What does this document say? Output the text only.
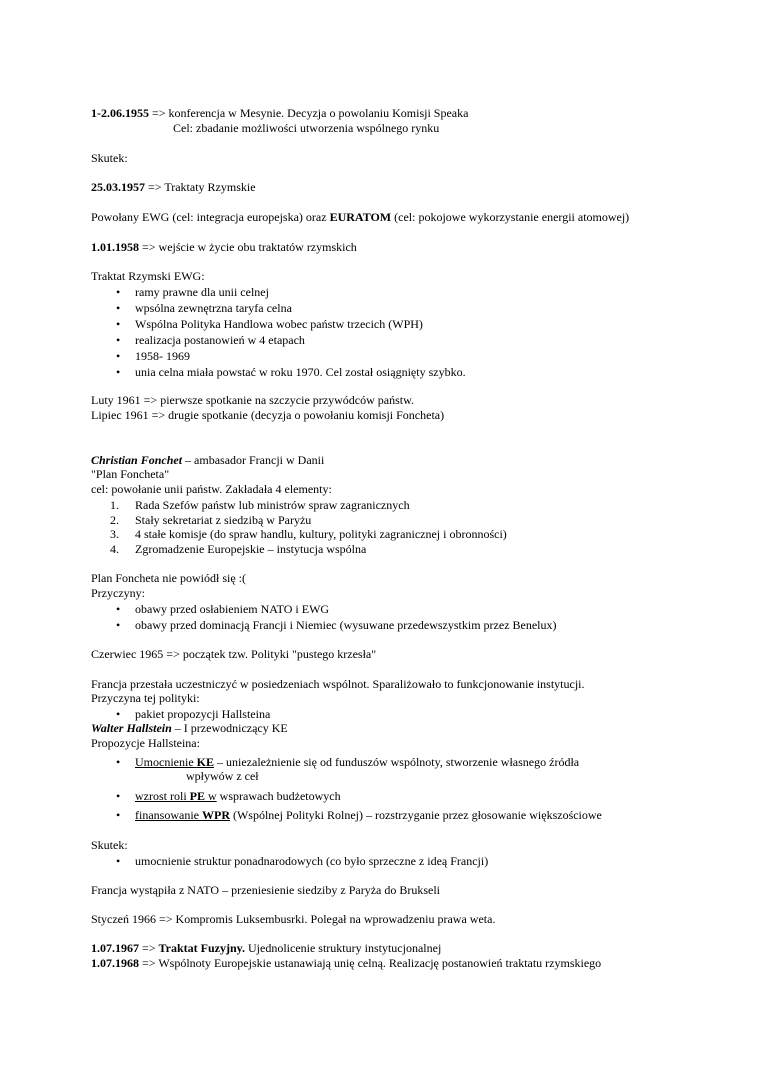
1-2.06.1955 => konferencja w Mesynie. Decyzja o powolaniu Komisji Speaka
Cel: zbadanie możliwości utworzenia wspólnego rynku
Skutek:
25.03.1957 => Traktaty Rzymskie
Powołany EWG (cel: integracja europejska) oraz EURATOM (cel: pokojowe wykorzystanie energii atomowej)
1.01.1958 => wejście w życie obu traktatów rzymskich
Traktat Rzymski EWG:
• ramy prawne dla unii celnej
• wpsólna zewnętrzna taryfa celna
• Wspólna Polityka Handlowa wobec państw trzecich (WPH)
• realizacja postanowień w 4 etapach
• 1958- 1969
• unia celna miała powstać w roku 1970. Cel został osiągnięty szybko.
Luty 1961 => pierwsze spotkanie na szczycie przywódców państw.
Lipiec 1961 => drugie spotkanie (decyzja o powołaniu komisji Foncheta)
Christian Fonchet – ambasador Francji w Danii
"Plan Foncheta"
cel: powołanie unii państw. Zakładała 4 elementy:
1.	Rada Szefów państw lub ministrów spraw zagranicznych
2.	Stały sekretariat z siedzibą w Paryżu
3.	4 stałe komisje (do spraw handlu, kultury, polityki zagranicznej i obronności)
4.	Zgromadzenie Europejskie – instytucja wspólna
Plan Foncheta nie powiódł się :(
Przyczyny:
• obawy przed osłabieniem NATO i EWG
• obawy przed dominacją Francji i Niemiec (wysuwane przedewszystkim przez Benelux)
Czerwiec 1965 => początek tzw. Polityki "pustego krzesła"
Francja przestała uczestniczyć w posiedzeniach wspólnot. Sparaliżowało to funkcjonowanie instytucji.
Przyczyna tej polityki:
• pakiet propozycji Hallsteina
Walter Hallstein – I przewodniczący KE
Propozycje Hallsteina:
• Umocnienie KE – uniezależnienie się od funduszów wspólnoty, stworzenie własnego źródła
wpływów z ceł
• wzrost roli PE w wsprawach budżetowych
• finansowanie WPR (Wspólnej Polityki Rolnej) – rozstrzyganie przez głosowanie większościowe
Skutek:
• umocnienie struktur ponadnarodowych (co było sprzeczne z ideą Francji)
Francja wystąpiła z NATO – przeniesienie siedziby z Paryża do Brukseli
Styczeń 1966 => Kompromis Luksembusrki. Polegał na wprowadzeniu prawa weta.
1.07.1967 => Traktat Fuzyjny. Ujednolicenie struktury instytucjonalnej
1.07.1968 => Wspólnoty Europejskie ustanawiają unię celną. Realizację postanowień traktatu rzymskiego
